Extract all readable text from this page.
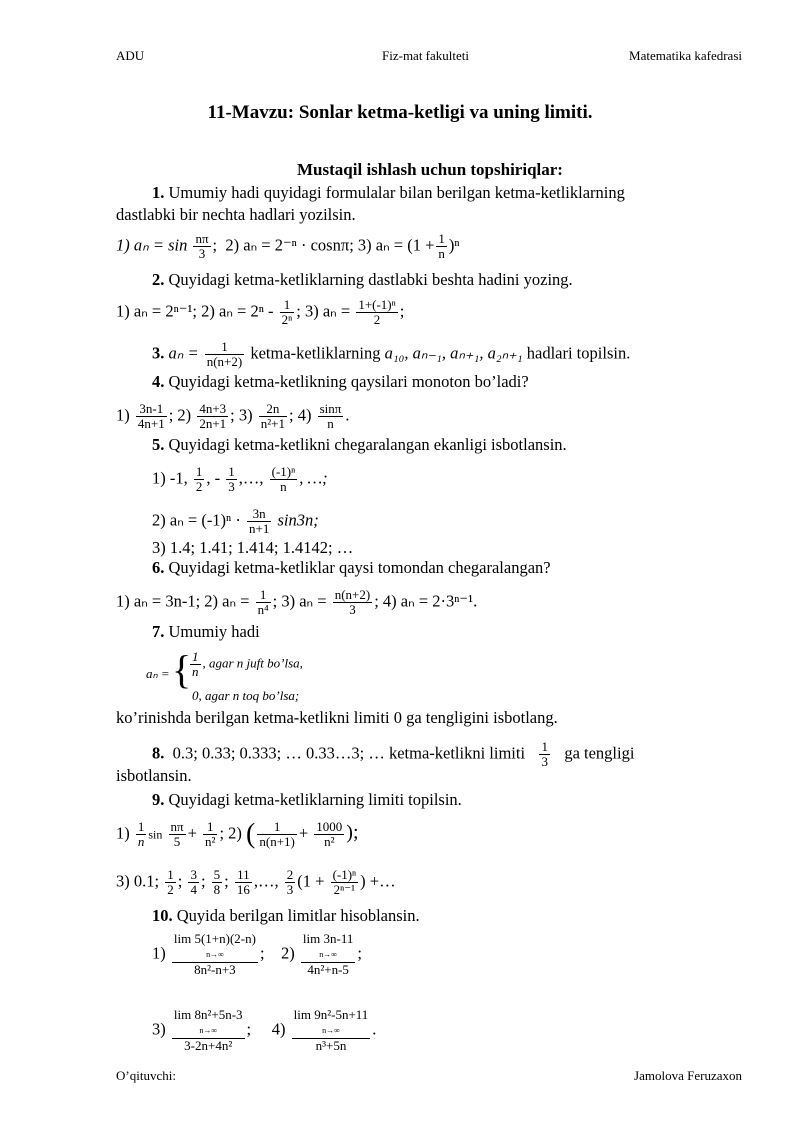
ADU	Fiz-mat fakulteti	Matematika kafedrasi
11-Mavzu: Sonlar ketma-ketligi va uning limiti.
Mustaqil ishlash uchun topshiriqlar:
1. Umumiy hadi quyidagi formulalar bilan berilgan ketma-ketliklarning
dastlabki bir nechta hadlari yozilsin.
1) $a_n = \sin \frac{n\pi}{3}$ ; 2) aₙ = 2⁻ⁿ · cosnπ; 3) $a_n = (1 + \frac{1}{n} )^n$
2. Quyidagi ketma-ketliklarning dastlabki beshta hadini yozing.
1) aₙ = 2ⁿ⁻¹; 2) $a_n = 2^n - \frac{1}{\text{2ⁿ}}$ ; 3) $a_n = \frac{\text{1+(-1)ⁿ}}{2}$ ;
3. $a_n = \frac{1}{n(n+2)}$ ketma-ketliklarning a₁₀, aₙ₋₁, aₙ₊₁, a₂ₙ₊₁ hadlari topilsin.
4. Quyidagi ketma-ketlikning qaysilari monoton bo’ladi?
$1) \frac{3n-1}{4n+1}$ ; $2) \frac{4n+3}{2n+1}$ ; $3) \frac{2n}{\text{n²+1}}$ ; $4) \frac{\sin\pi}{n}$ .
5. Quyidagi ketma-ketlikni chegaralangan ekanligi isbotlansin.
1) -1, $\frac{1}{2}$ , - $\frac{1}{3}$ ,…, $\frac{\text{(-1)ⁿ}}{n}$ , …;
2) $a_n = (-1)^n \cdot \frac{3n}{n+1} \sin 3n$;
3) 1.4; 1.41; 1.414; 1.4142; …
6. Quyidagi ketma-ketliklar qaysi tomondan chegaralangan?
1) aₙ = 3n-1; 2) $a_n = \frac{1}{\text{n⁴}}$ ; 3) $a_n = \frac{n(n+2)}{3}$ ; 4) aₙ = 2·3ⁿ⁻¹.
7. Umumiy hadi
aₙ = {
$\frac{1}{n}$ , agar n juft bo’lsa,
0, agar n toq bo’lsa;
ko’rinishda berilgan ketma-ketlikni limiti 0 ga tengligini isbotlang.
8. 0.3; 0.33; 0.333; … 0.33…3; … ketma-ketlikni limiti $\frac{1}{3}$ ga tengligi
isbotlansin.
9. Quyidagi ketma-ketliklarning limiti topilsin.
$1) \frac{1}{n}$ $\sin \frac{n\pi}{5} + \frac{1}{\text{n²}}$ ; 2) ( $\frac{1}{n(n+1)} + \frac{1000}{\text{n²}}$ );
3) 0.1; $\frac{1}{2}$ ; $\frac{3}{4}$ ; $\frac{5}{8}$ ; $\frac{11}{16}$ ,…, $\frac{2}{3} (1 + \frac{\text{(-1)ⁿ}}{\text{2ⁿ⁻¹}}$ ) +…
10. Quyida berilgan limitlar hisoblansin.
1)
lim 5(1+n)(2-n)
n→∞
8n²-n+3
; 2)
lim 3n-11
n→∞
4n²+n-5
;
3)
lim 8n²+5n-3
n→∞
3-2n+4n²
; 4)
lim 9n²-5n+11
n→∞
n³+5n
.
O’qituvchi:	Jamolova Feruzaxon
